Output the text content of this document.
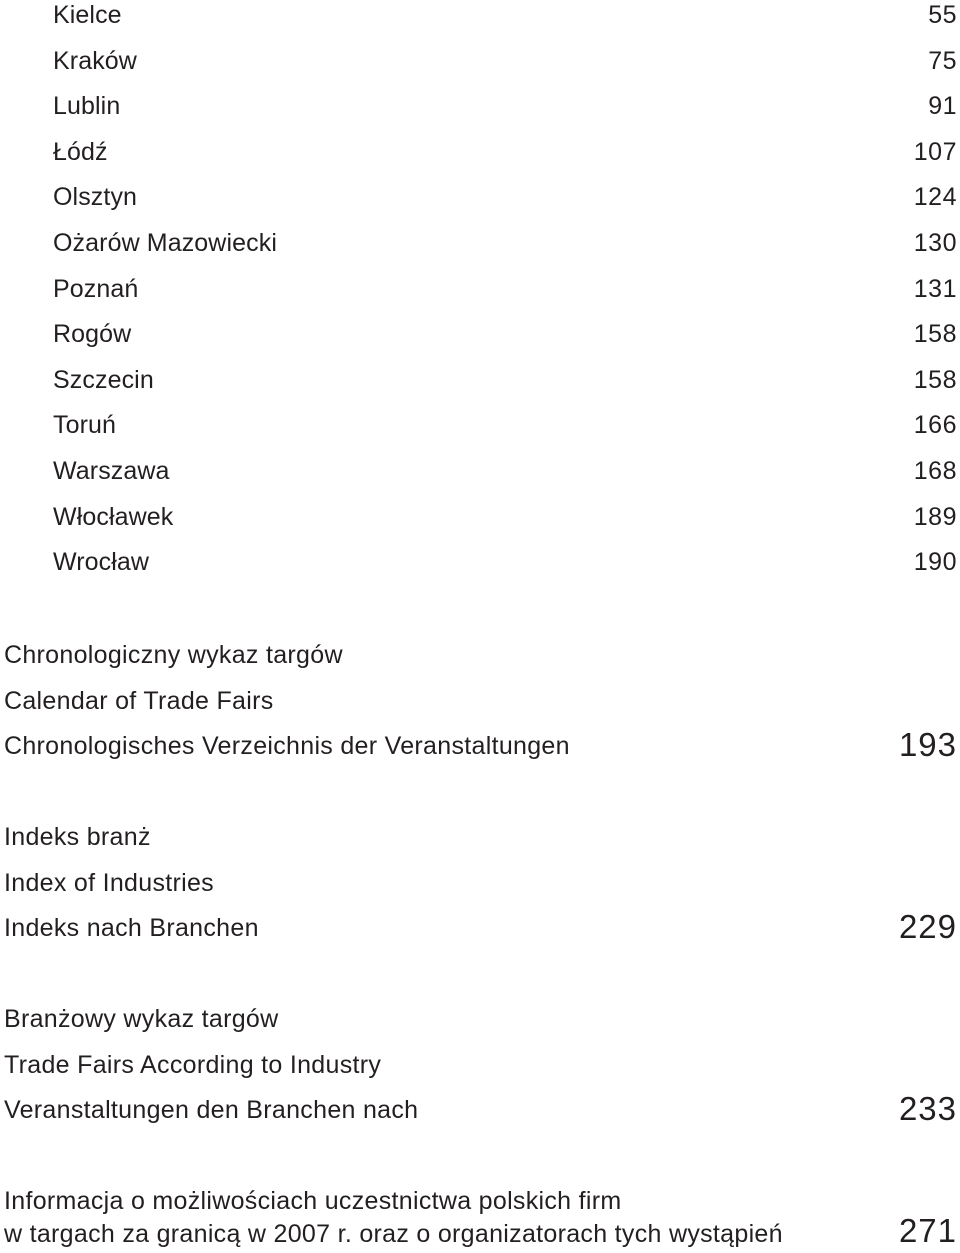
Kielce	55
Kraków	75
Lublin	91
Łódź	107
Olsztyn	124
Ożarów Mazowiecki	130
Poznań	131
Rogów	158
Szczecin	158
Toruń	166
Warszawa	168
Włocławek	189
Wrocław	190
Chronologiczny wykaz targów
Calendar of Trade Fairs
Chronologisches Verzeichnis der Veranstaltungen	193
Indeks branż
Index of Industries
Indeks nach Branchen	229
Branżowy wykaz targów
Trade Fairs According to Industry
Veranstaltungen den Branchen nach	233
Informacja o możliwościach uczestnictwa polskich firm
w targach za granicą w 2007 r. oraz o organizatorach tych wystąpień	271
